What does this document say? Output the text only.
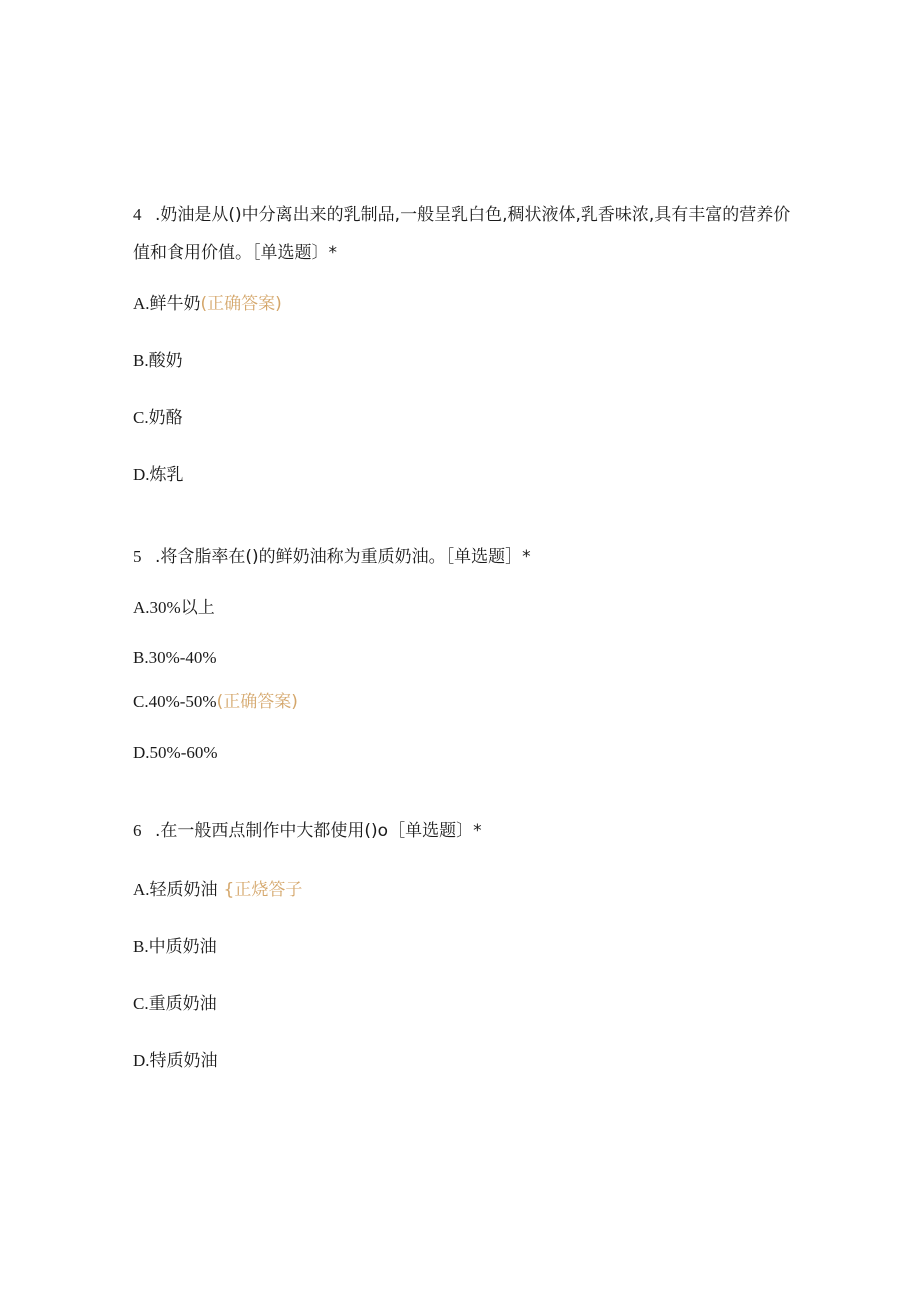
4 .奶油是从()中分离出来的乳制品,一般呈乳白色,稠状液体,乳香味浓,具有丰富的营养价
值和食用价值。［单选题〕*
A.鲜牛奶(正确答案)
B.酸奶
C.奶酪
D.炼乳
5 .将含脂率在()的鲜奶油称为重质奶油。［单选题］*
A.30%以上
B.30%-40%
C.40%-50%(正确答案)
D.50%-60%
6 .在一般西点制作中大都使用()o［单选题〕*
A.轻质奶油 {正烧答子
B.中质奶油
C.重质奶油
D.特质奶油
